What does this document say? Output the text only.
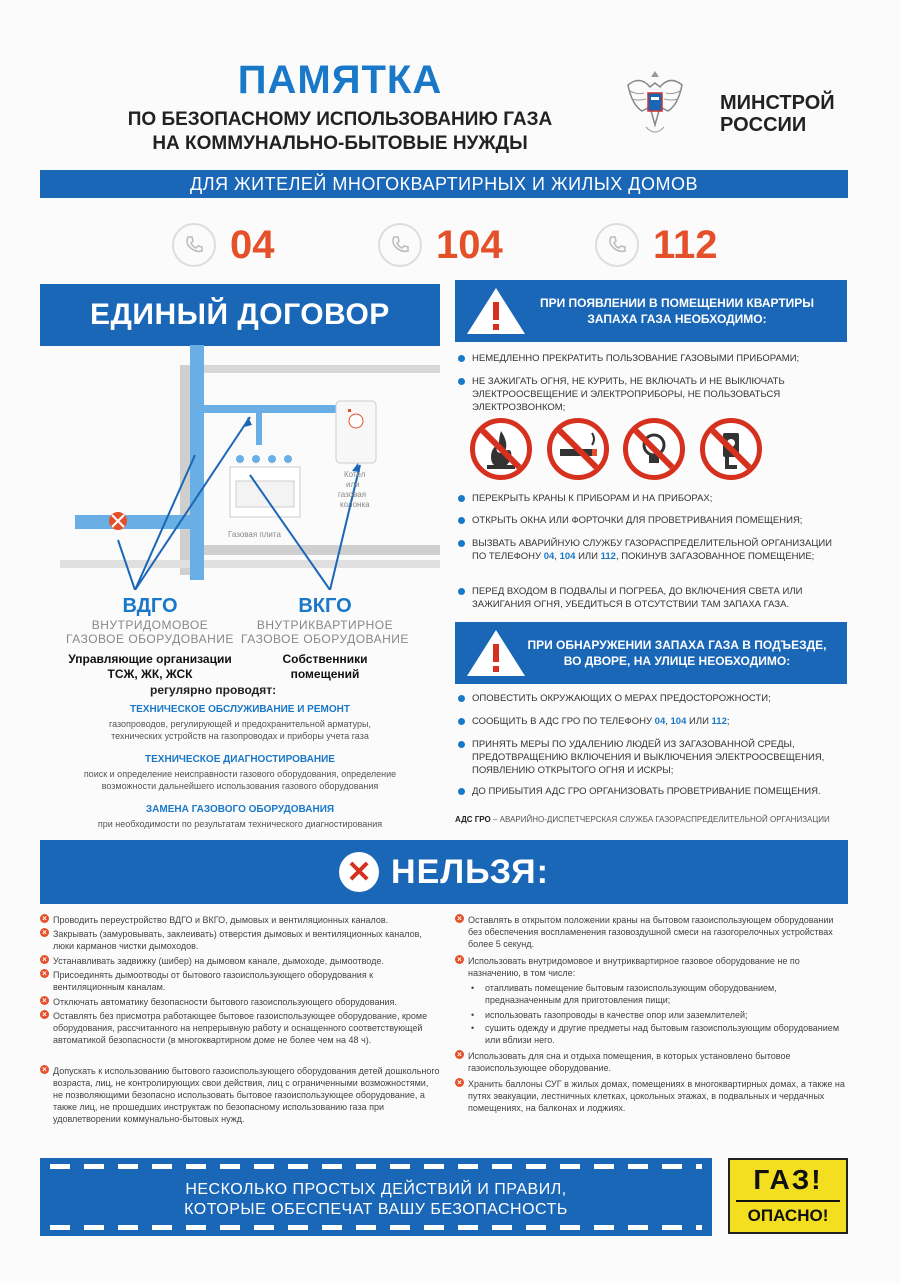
ПАМЯТКА
ПО БЕЗОПАСНОМУ ИСПОЛЬЗОВАНИЮ ГАЗА
НА КОММУНАЛЬНО-БЫТОВЫЕ НУЖДЫ
МИНСТРОЙ
РОССИИ
ДЛЯ ЖИТЕЛЕЙ МНОГОКВАРТИРНЫХ И ЖИЛЫХ ДОМОВ
04	104	112
ЕДИНЫЙ ДОГОВОР
Котел или газовая колонка
Газовая плита
ВДГО
ВНУТРИДОМОВОЕ
ГАЗОВОЕ ОБОРУДОВАНИЕ
Управляющие организации
ТСЖ, ЖК, ЖСК
ВКГО
ВНУТРИКВАРТИРНОЕ
ГАЗОВОЕ ОБОРУДОВАНИЕ
Собственники
помещений
регулярно проводят:
ТЕХНИЧЕСКОЕ ОБСЛУЖИВАНИЕ И РЕМОНТ
газопроводов, регулирующей и предохранительной арматуры,
технических устройств на газопроводах и приборы учета газа
ТЕХНИЧЕСКОЕ ДИАГНОСТИРОВАНИЕ
поиск и определение неисправности газового оборудования, определение
возможности дальнейшего использования газового оборудования
ЗАМЕНА ГАЗОВОГО ОБОРУДОВАНИЯ
при необходимости по результатам технического диагностирования
ПРИ ПОЯВЛЕНИИ В ПОМЕЩЕНИИ КВАРТИРЫ ЗАПАХА ГАЗА НЕОБХОДИМО:
НЕМЕДЛЕННО ПРЕКРАТИТЬ ПОЛЬЗОВАНИЕ ГАЗОВЫМИ ПРИБОРАМИ;
НЕ ЗАЖИГАТЬ ОГНЯ, НЕ КУРИТЬ, НЕ ВКЛЮЧАТЬ И НЕ ВЫКЛЮЧАТЬ ЭЛЕКТРООСВЕЩЕНИЕ И ЭЛЕКТРОПРИБОРЫ, НЕ ПОЛЬЗОВАТЬСЯ ЭЛЕКТРОЗВОНКОМ;
ПЕРЕКРЫТЬ КРАНЫ К ПРИБОРАМ И НА ПРИБОРАХ;
ОТКРЫТЬ ОКНА ИЛИ ФОРТОЧКИ ДЛЯ ПРОВЕТРИВАНИЯ ПОМЕЩЕНИЯ;
ВЫЗВАТЬ АВАРИЙНУЮ СЛУЖБУ ГАЗОРАСПРЕДЕЛИТЕЛЬНОЙ ОРГАНИЗАЦИИ ПО ТЕЛЕФОНУ 04, 104 ИЛИ 112, ПОКИНУВ ЗАГАЗОВАННОЕ ПОМЕЩЕНИЕ;
ПЕРЕД ВХОДОМ В ПОДВАЛЫ И ПОГРЕБА, ДО ВКЛЮЧЕНИЯ СВЕТА ИЛИ ЗАЖИГАНИЯ ОГНЯ, УБЕДИТЬСЯ В ОТСУТСТВИИ ТАМ ЗАПАХА ГАЗА.
ПРИ ОБНАРУЖЕНИИ ЗАПАХА ГАЗА В ПОДЪЕЗДЕ, ВО ДВОРЕ, НА УЛИЦЕ НЕОБХОДИМО:
ОПОВЕСТИТЬ ОКРУЖАЮЩИХ О МЕРАХ ПРЕДОСТОРОЖНОСТИ;
СООБЩИТЬ В АДС ГРО ПО ТЕЛЕФОНУ 04, 104 ИЛИ 112;
ПРИНЯТЬ МЕРЫ ПО УДАЛЕНИЮ ЛЮДЕЙ ИЗ ЗАГАЗОВАННОЙ СРЕДЫ, ПРЕДОТВРАЩЕНИЮ ВКЛЮЧЕНИЯ И ВЫКЛЮЧЕНИЯ ЭЛЕКТРООСВЕЩЕНИЯ, ПОЯВЛЕНИЮ ОТКРЫТОГО ОГНЯ И ИСКРЫ;
ДО ПРИБЫТИЯ АДС ГРО ОРГАНИЗОВАТЬ ПРОВЕТРИВАНИЕ ПОМЕЩЕНИЯ.
АДС ГРО – АВАРИЙНО-ДИСПЕТЧЕРСКАЯ СЛУЖБА ГАЗОРАСПРЕДЕЛИТЕЛЬНОЙ ОРГАНИЗАЦИИ
✕ НЕЛЬЗЯ:
× Проводить переустройство ВДГО и ВКГО, дымовых и вентиляционных каналов.
× Закрывать (замуровывать, заклеивать) отверстия дымовых и вентиляционных каналов, люки карманов чистки дымоходов.
× Устанавливать задвижку (шибер) на дымовом канале, дымоходе, дымоотводе.
× Присоединять дымоотводы от бытового газоиспользующего оборудования к вентиляционным каналам.
× Отключать автоматику безопасности бытового газоиспользующего оборудования.
× Оставлять без присмотра работающее бытовое газоиспользующее оборудование, кроме оборудования, рассчитанного на непрерывную работу и оснащенного соответствующей автоматикой безопасности (в многоквартирном доме не более чем на 48 ч).
× Допускать к использованию бытового газоиспользующего оборудования детей дошкольного возраста, лиц, не контролирующих свои действия, лиц с ограниченными возможностями, не позволяющими безопасно использовать бытовое газоиспользующее оборудование, а также лиц, не прошедших инструктаж по безопасному использованию газа при удовлетворении коммунально-бытовых нужд.
× Оставлять в открытом положении краны на бытовом газоиспользующем оборудовании без обеспечения воспламенения газовоздушной смеси на газогорелочных устройствах более 5 секунд.
× Использовать внутридомовое и внутриквартирное газовое оборудование не по назначению, в том числе:
• отапливать помещение бытовым газоиспользующим оборудованием, предназначенным для приготовления пищи;
• использовать газопроводы в качестве опор или заземлителей;
• сушить одежду и другие предметы над бытовым газоиспользующим оборудованием или вблизи него.
× Использовать для сна и отдыха помещения, в которых установлено бытовое газоиспользующее оборудование.
× Хранить баллоны СУГ в жилых домах, помещениях в многоквартирных домах, а также на путях эвакуации, лестничных клетках, цокольных этажах, в подвальных и чердачных помещениях, на балконах и лоджиях.
НЕСКОЛЬКО ПРОСТЫХ ДЕЙСТВИЙ И ПРАВИЛ,
КОТОРЫЕ ОБЕСПЕЧАТ ВАШУ БЕЗОПАСНОСТЬ
ГАЗ!
ОПАСНО!
